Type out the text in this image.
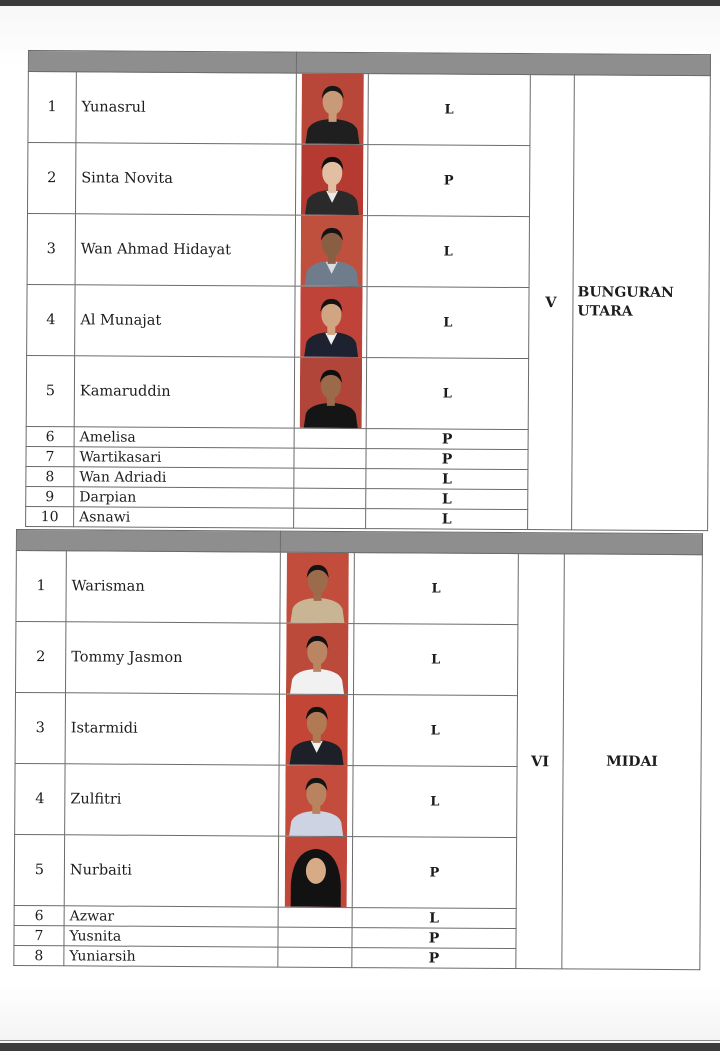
1	Yunasrul		L	V	BUNGURAN UTARA
2	Sinta Novita		P		
3	Wan Ahmad Hidayat		L		
4	Al Munajat		L		
5	Kamaruddin		L		
6	Amelisa		P		
7	Wartikasari		P		
8	Wan Adriadi		L		
9	Darpian		L		
10	Asnawi		L		

1	Warisman		L	VI	MIDAI
2	Tommy Jasmon		L		
3	Istarmidi		L		
4	Zulfitri		L		
5	Nurbaiti		P		
6	Azwar		L		
7	Yusnita		P		
8	Yuniarsih		P		
